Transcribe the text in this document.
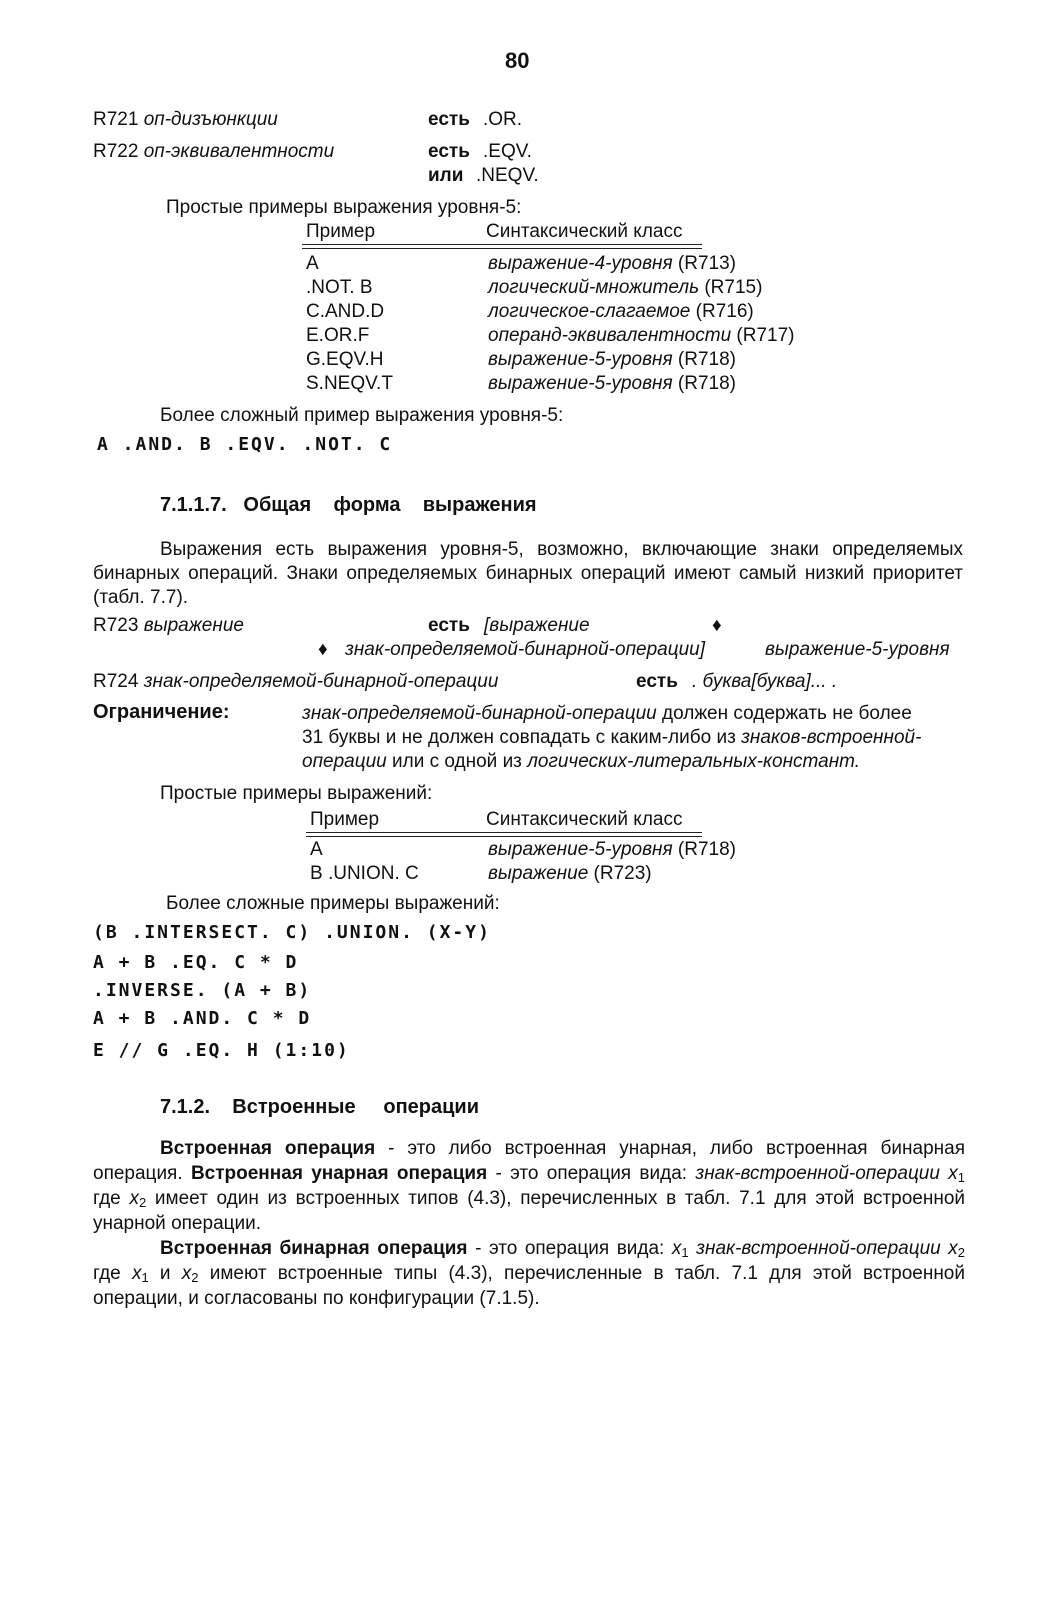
80
R721 оп-дизъюнкции	есть .OR.
R722 оп-эквивалентности	есть .EQV.
или .NEQV.
Простые примеры выражения уровня-5:
Пример	Синтаксический класс
A	выражение-4-уровня (R713)
.NOT. B	логический-множитель (R715)
C.AND.D	логическое-слагаемое (R716)
E.OR.F	операнд-эквивалентности (R717)
G.EQV.H	выражение-5-уровня (R718)
S.NEQV.T	выражение-5-уровня (R718)
Более сложный пример выражения уровня-5:
A .AND. B .EQV. .NOT. C
7.1.1.7. Общая форма выражения
Выражения есть выражения уровня-5, возможно, включающие знаки определяемых бинарных операций. Знаки определяемых бинарных операций имеют самый низкий приоритет (табл. 7.7).
R723 выражение	есть [выражение	♦
♦ знак-определяемой-бинарной-операции]	выражение-5-уровня
R724 знак-определяемой-бинарной-операции	есть . буква[буква]... .
Ограничение:	знак-определяемой-бинарной-операции должен содержать не более
31 буквы и не должен совпадать с каким-либо из знаков-встроенной-
операции или с одной из логических-литеральных-констант.
Простые примеры выражений:
Пример	Синтаксический класс
A	выражение-5-уровня (R718)
B .UNION. C	выражение (R723)
Более сложные примеры выражений:
(B .INTERSECT. C) .UNION. (X-Y)
A + B .EQ. C * D
.INVERSE. (A + B)
A + B .AND. C * D
E // G .EQ. H (1:10)
7.1.2. Встроенные операции
Встроенная операция - это либо встроенная унарная, либо встроенная бинарная операция. Встроенная унарная операция - это операция вида: знак-встроенной-операции $x_1$ где $x_2$ имеет один из встроенных типов (4.3), перечисленных в табл. 7.1 для этой встроенной унарной операции.
Встроенная бинарная операция - это операция вида: $x_1$ знак-встроенной-операции $x_2$ где $x_1$ и $x_2$ имеют встроенные типы (4.3), перечисленные в табл. 7.1 для этой встроенной операции, и согласованы по конфигурации (7.1.5).
